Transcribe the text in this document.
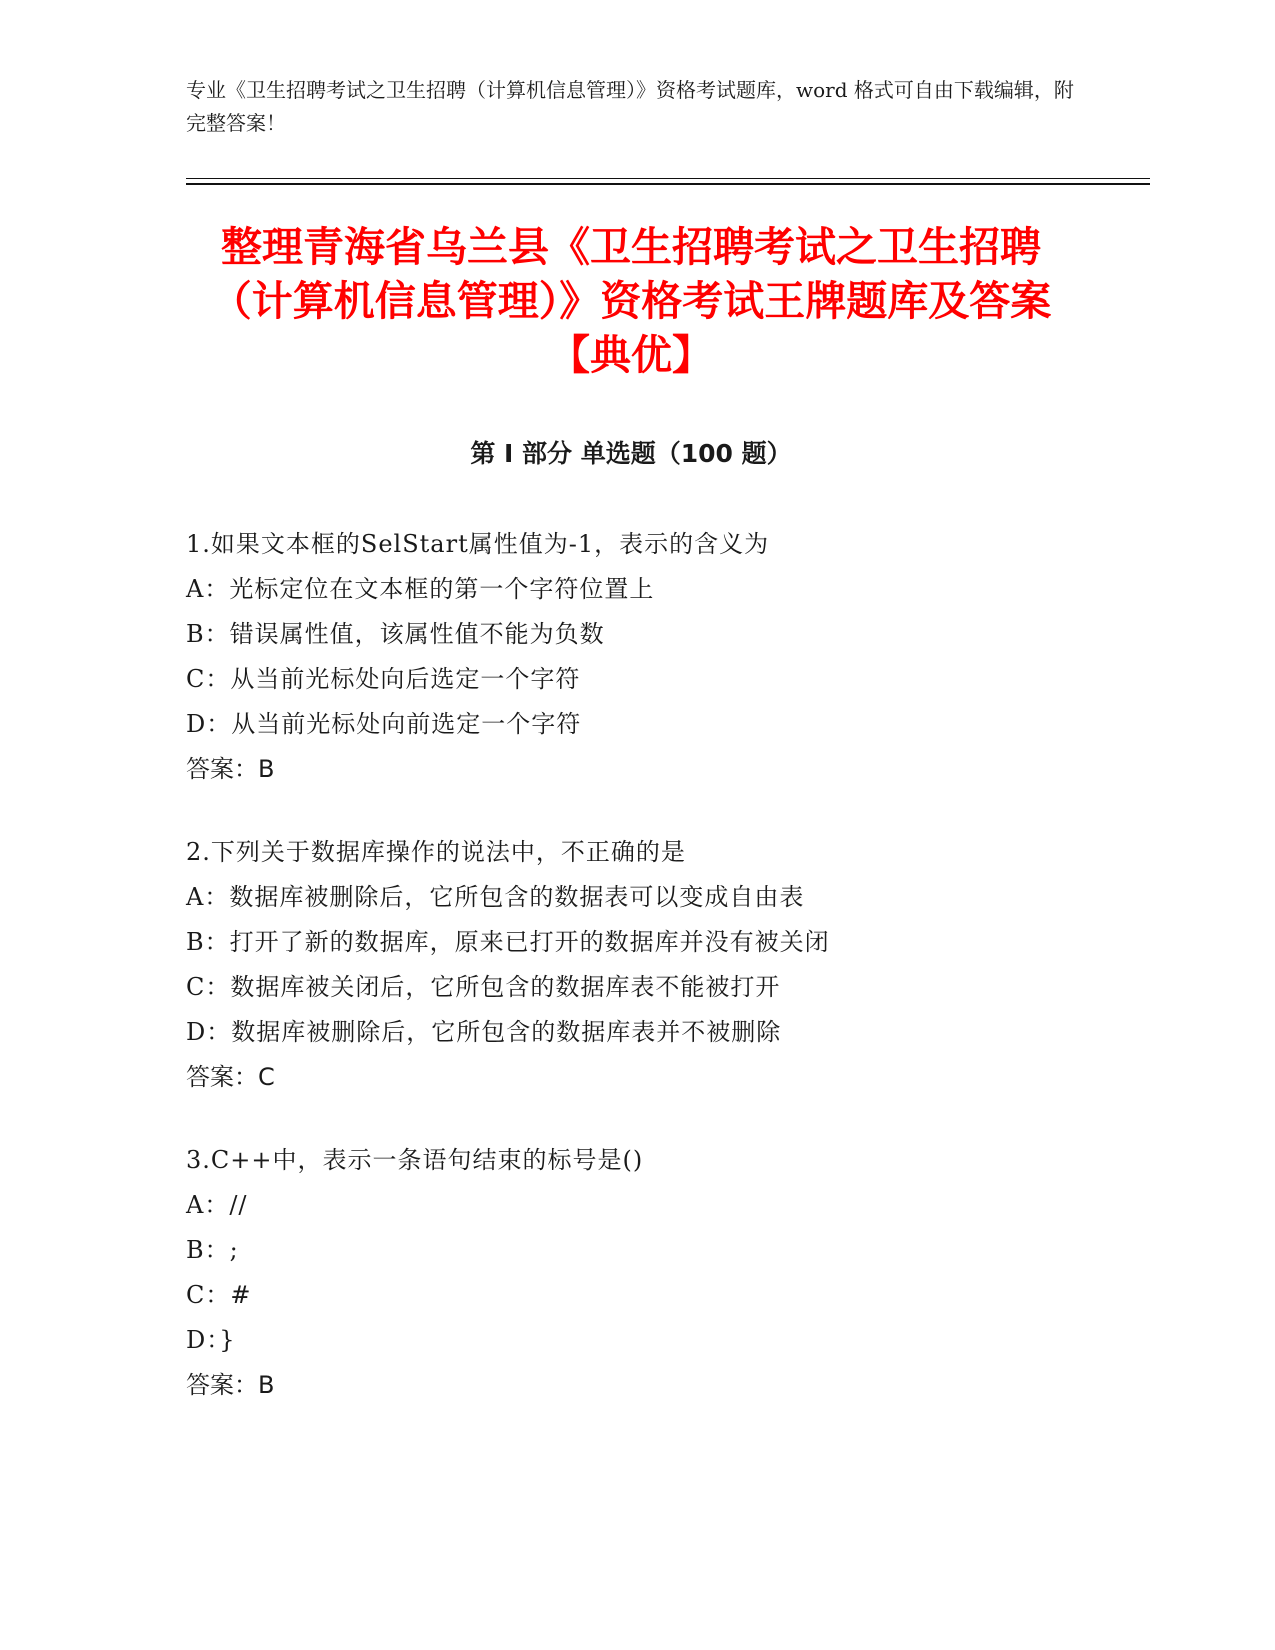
专业《卫生招聘考试之卫生招聘（计算机信息管理）》资格考试题库，word 格式可自由下载编辑，附完整答案！
整理青海省乌兰县《卫生招聘考试之卫生招聘（计算机信息管理）》资格考试王牌题库及答案【典优】
第 I 部分 单选题（100 题）
1.如果文本框的SelStart属性值为-1，表示的含义为
A：光标定位在文本框的第一个字符位置上
B：错误属性值，该属性值不能为负数
C：从当前光标处向后选定一个字符
D：从当前光标处向前选定一个字符
答案：B
2.下列关于数据库操作的说法中，不正确的是
A：数据库被删除后，它所包含的数据表可以变成自由表
B：打开了新的数据库，原来已打开的数据库并没有被关闭
C：数据库被关闭后，它所包含的数据库表不能被打开
D：数据库被删除后，它所包含的数据库表并不被删除
答案：C
3.C++中，表示一条语句结束的标号是()
A：//
B：;
C：#
D：}
答案：B
